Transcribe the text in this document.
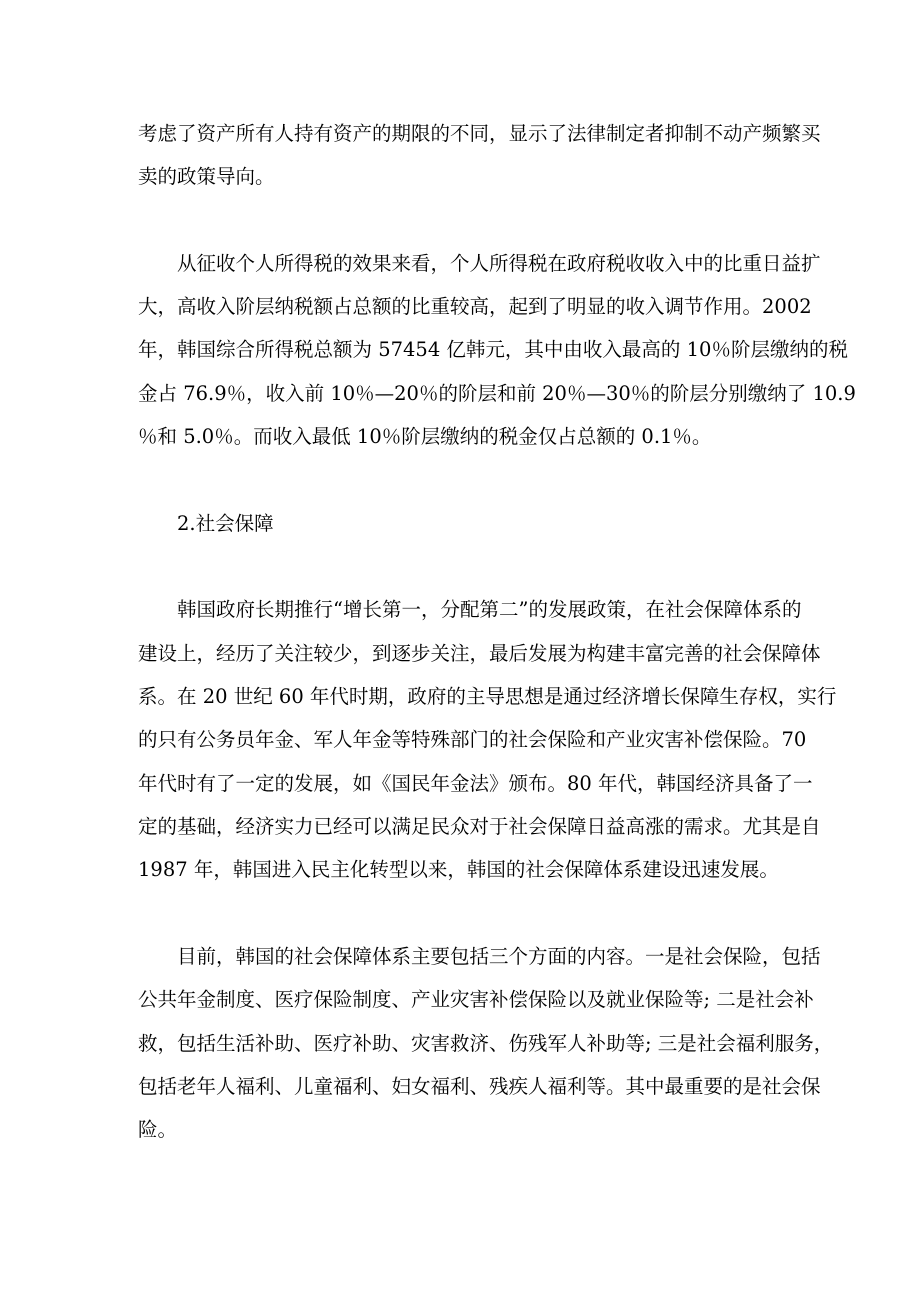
考虑了资产所有人持有资产的期限的不同，显示了法律制定者抑制不动产频繁买
卖的政策导向。
从征收个人所得税的效果来看，个人所得税在政府税收收入中的比重日益扩
大，高收入阶层纳税额占总额的比重较高，起到了明显的收入调节作用。2002
年，韩国综合所得税总额为 57454 亿韩元，其中由收入最高的 10％阶层缴纳的税
金占 76.9％，收入前 10％—20％的阶层和前 20％—30％的阶层分别缴纳了 10.9
％和 5.0％。而收入最低 10％阶层缴纳的税金仅占总额的 0.1％。
2.社会保障
韩国政府长期推行“增长第一，分配第二”的发展政策，在社会保障体系的
建设上，经历了关注较少，到逐步关注，最后发展为构建丰富完善的社会保障体
系。在 20 世纪 60 年代时期，政府的主导思想是通过经济增长保障生存权，实行
的只有公务员年金、军人年金等特殊部门的社会保险和产业灾害补偿保险。70
年代时有了一定的发展，如《国民年金法》颁布。80 年代，韩国经济具备了一
定的基础，经济实力已经可以满足民众对于社会保障日益高涨的需求。尤其是自
1987 年，韩国进入民主化转型以来，韩国的社会保障体系建设迅速发展。
目前，韩国的社会保障体系主要包括三个方面的内容。一是社会保险，包括
公共年金制度、医疗保险制度、产业灾害补偿保险以及就业保险等; 二是社会补
救，包括生活补助、医疗补助、灾害救济、伤残军人补助等; 三是社会福利服务，
包括老年人福利、儿童福利、妇女福利、残疾人福利等。其中最重要的是社会保
险。
